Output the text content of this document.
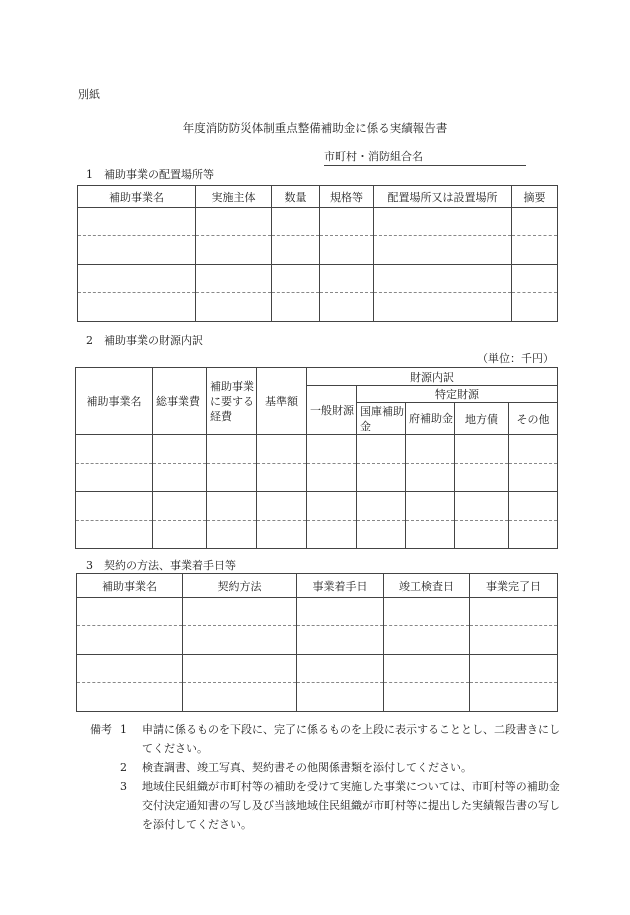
別紙
年度消防防災体制重点整備補助金に係る実績報告書
市町村・消防組合名
1　補助事業の配置場所等
補助事業名	実施主体	数量	規格等	配置場所又は設置場所	摘要

2　補助事業の財源内訳
（単位：千円）
補助事業名	総事業費	補助事業に要する経費	基準額	財源内訳				
				一般財源	特定財源			
					国庫補助金	府補助金	地方債	その他

3　契約の方法、事業着手日等
補助事業名	契約方法	事業着手日	竣工検査日	事業完了日

備考 1	申請に係るものを下段に、完了に係るものを上段に表示することとし、二段書きにしてください。
2	検査調書、竣工写真、契約書その他関係書類を添付してください。
3	地域住民組織が市町村等の補助を受けて実施した事業については、市町村等の補助金交付決定通知書の写し及び当該地域住民組織が市町村等に提出した実績報告書の写しを添付してください。
